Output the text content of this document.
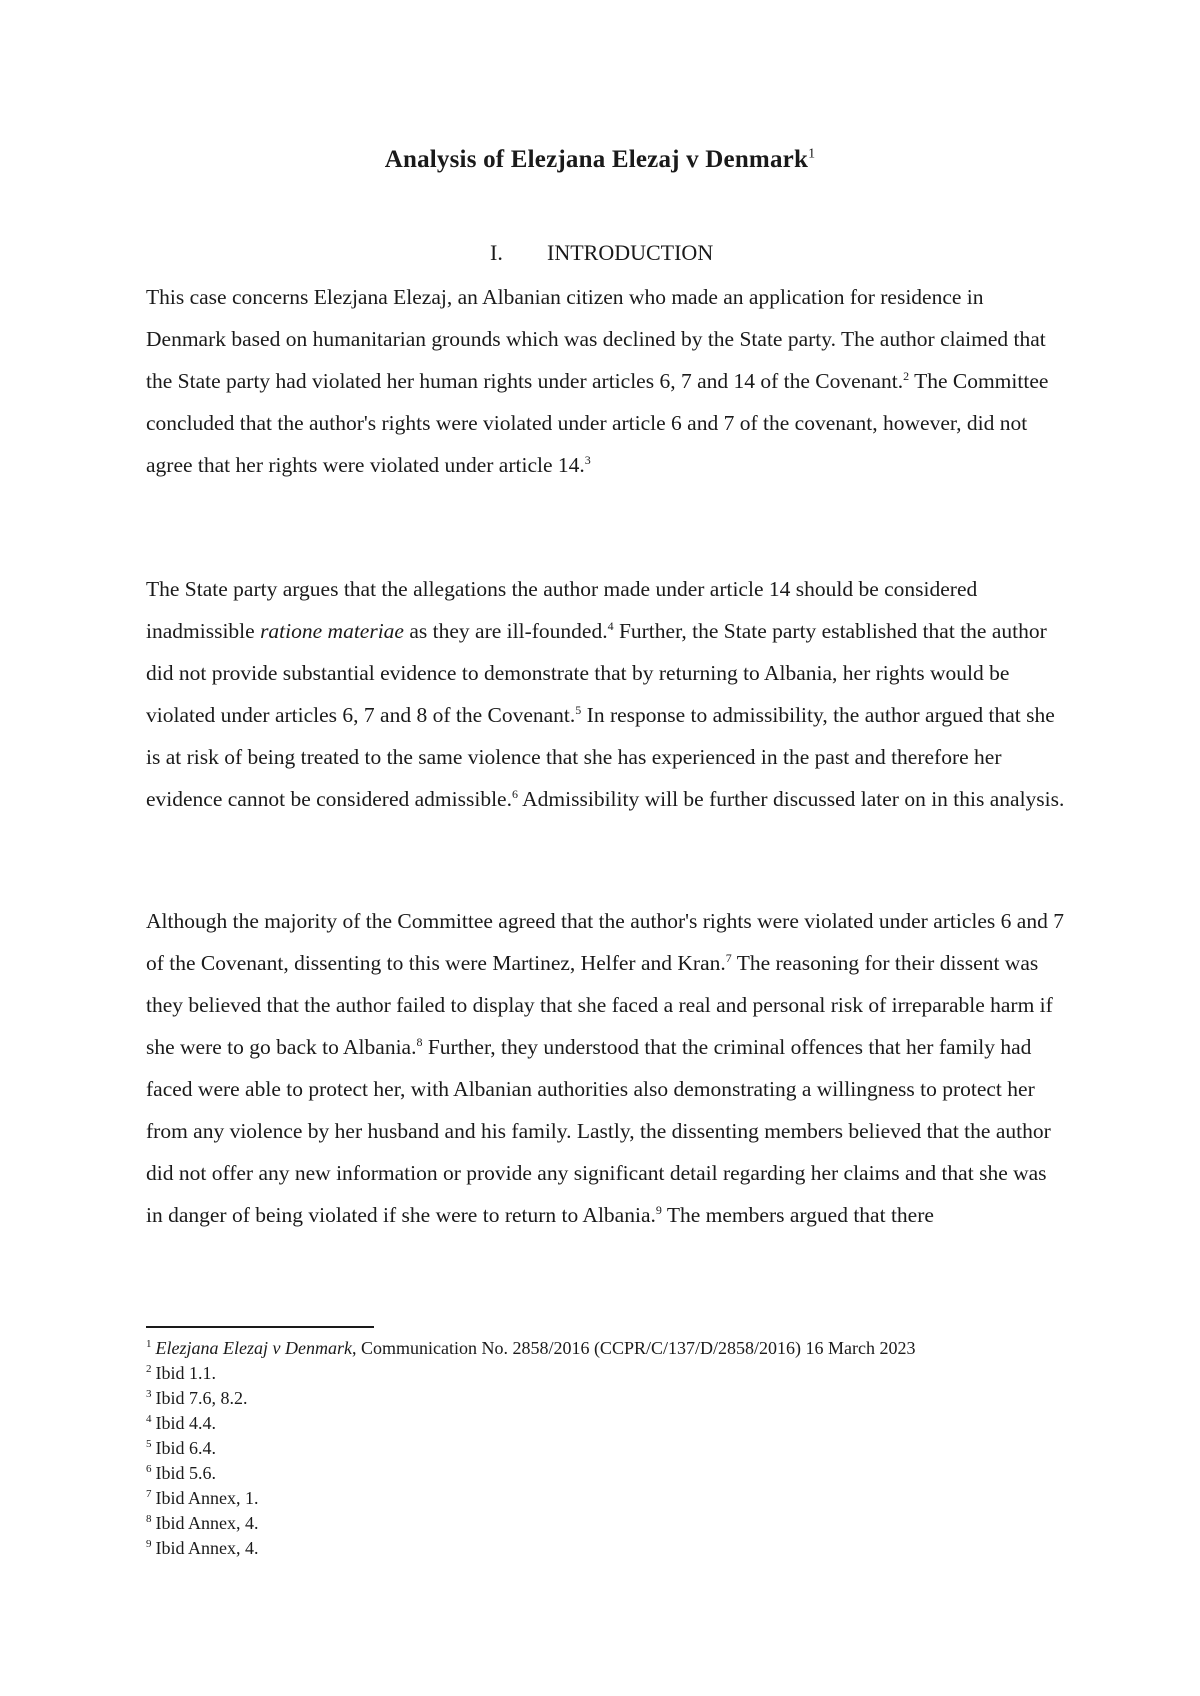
Analysis of Elezjana Elezaj v Denmark$^1$
I. INTRODUCTION

This case concerns Elezjana Elezaj, an Albanian citizen who made an application for residence in Denmark based on humanitarian grounds which was declined by the State party. The author claimed that the State party had violated her human rights under articles 6, 7 and 14 of the Covenant.$^2$ The Committee concluded that the author's rights were violated under article 6 and 7 of the covenant, however, did not agree that her rights were violated under article 14.$^3$

The State party argues that the allegations the author made under article 14 should be considered inadmissible ratione materiae as they are ill-founded.$^4$ Further, the State party established that the author did not provide substantial evidence to demonstrate that by returning to Albania, her rights would be violated under articles 6, 7 and 8 of the Covenant.$^5$ In response to admissibility, the author argued that she is at risk of being treated to the same violence that she has experienced in the past and therefore her evidence cannot be considered admissible.$^6$ Admissibility will be further discussed later on in this analysis.

Although the majority of the Committee agreed that the author's rights were violated under articles 6 and 7 of the Covenant, dissenting to this were Martinez, Helfer and Kran.$^7$ The reasoning for their dissent was they believed that the author failed to display that she faced a real and personal risk of irreparable harm if she were to go back to Albania.$^8$ Further, they understood that the criminal offences that her family had faced were able to protect her, with Albanian authorities also demonstrating a willingness to protect her from any violence by her husband and his family. Lastly, the dissenting members believed that the author did not offer any new information or provide any significant detail regarding her claims and that she was in danger of being violated if she were to return to Albania.$^9$ The members argued that there

$^1$ Elezjana Elezaj v Denmark, Communication No. 2858/2016 (CCPR/C/137/D/2858/2016) 16 March 2023

$^2$ Ibid 1.1.

$^3$ Ibid 7.6, 8.2.

$^4$ Ibid 4.4.

$^5$ Ibid 6.4.

$^6$ Ibid 5.6.

$^7$ Ibid Annex, 1.

$^8$ Ibid Annex, 4.

$^9$ Ibid Annex, 4.
